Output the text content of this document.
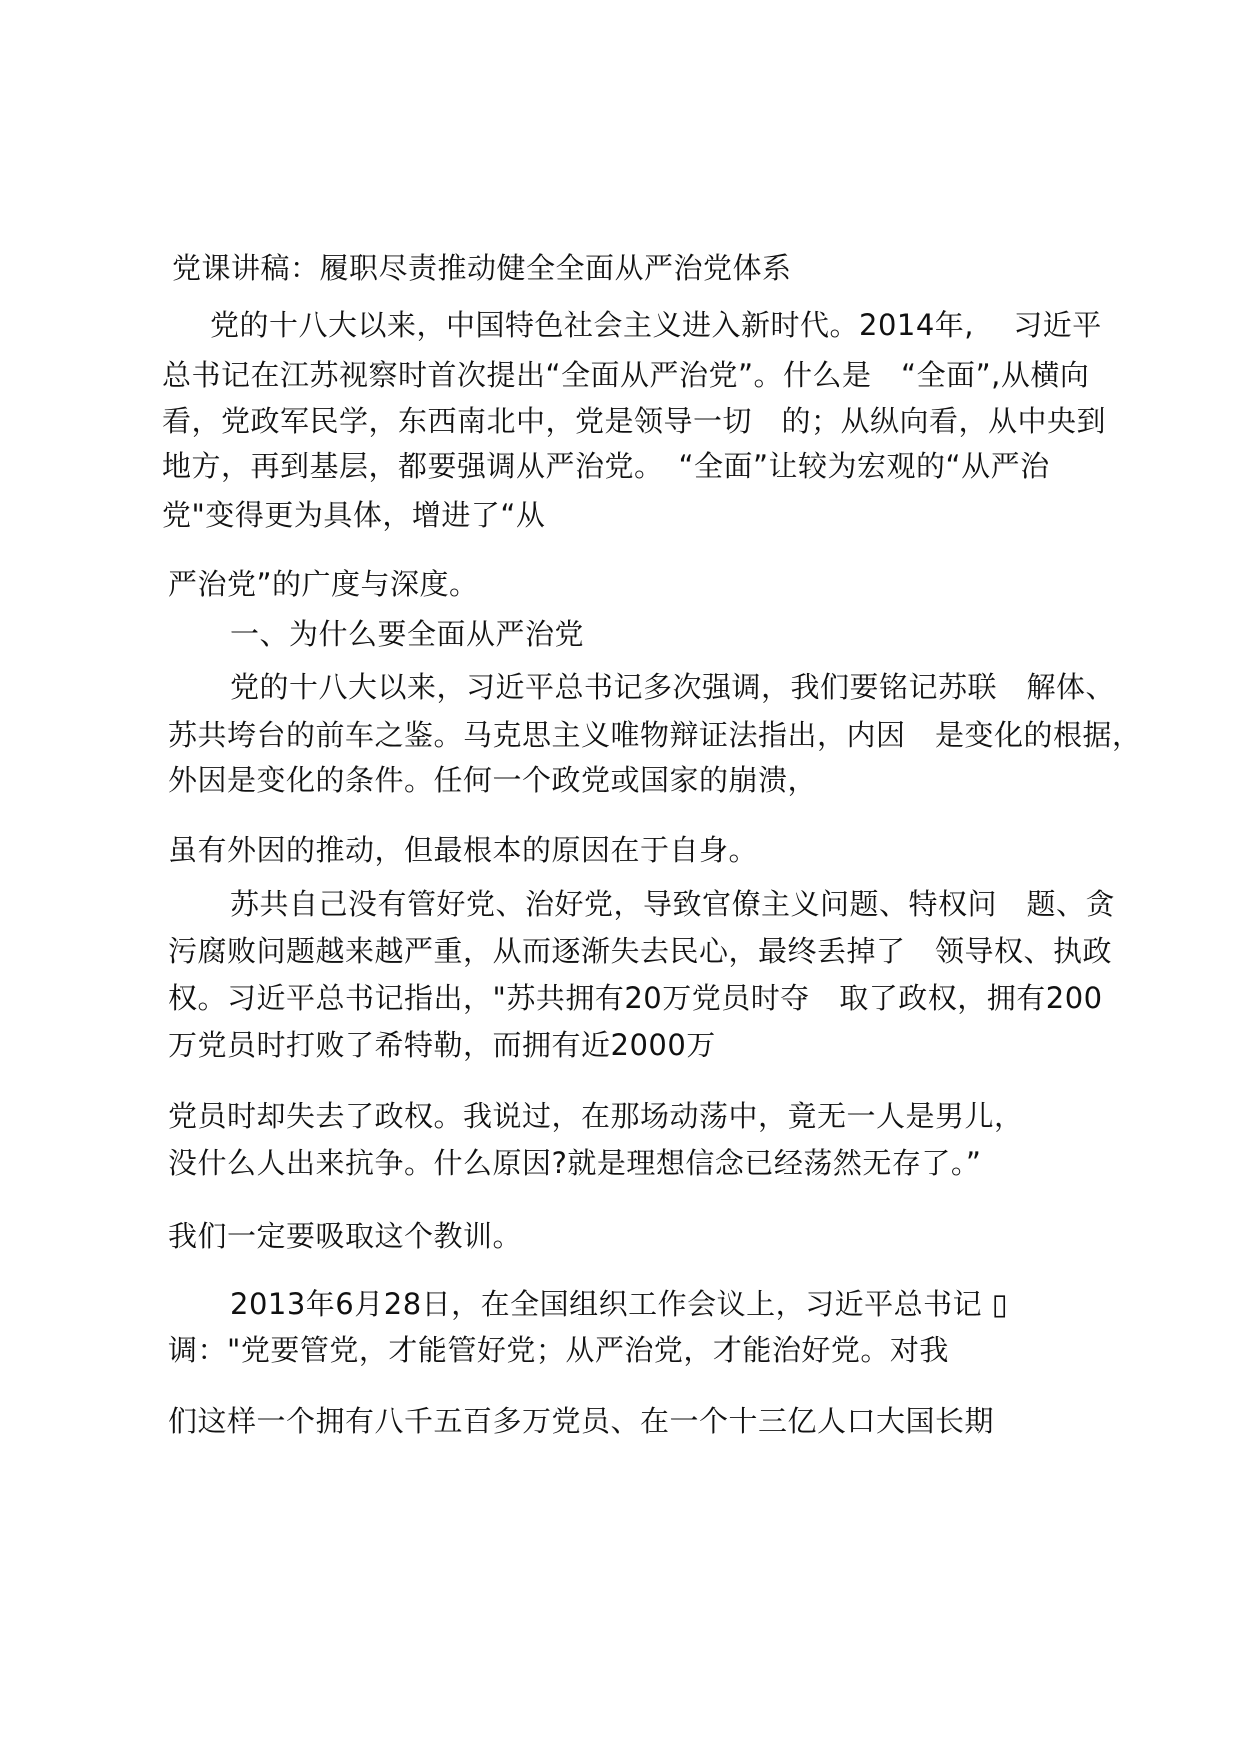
党课讲稿：履职尽责推动健全全面从严治党体系
党的十八大以来，中国特色社会主义进入新时代。2014年,　 习近平
总书记在江苏视察时首次提出“全面从严治党”。什么是　“全面”,从横向
看，党政军民学，东西南北中，党是领导一切　的；从纵向看，从中央到
地方，再到基层，都要强调从严治党。　“全面”让较为宏观的“从严治
党"变得更为具体，增进了“从
严治党”的广度与深度。
一、为什么要全面从严治党
党的十八大以来，习近平总书记多次强调，我们要铭记苏联　解体、
苏共垮台的前车之鉴。马克思主义唯物辩证法指出，内因　是变化的根据，
外因是变化的条件。任何一个政党或国家的崩溃，
虽有外因的推动，但最根本的原因在于自身。
苏共自己没有管好党、治好党，导致官僚主义问题、特权问　题、贪
污腐败问题越来越严重，从而逐渐失去民心，最终丢掉了　领导权、执政
权。习近平总书记指出，"苏共拥有20万党员时夺　取了政权，拥有200
万党员时打败了希特勒，而拥有近2000万
党员时却失去了政权。我说过，在那场动荡中，竟无一人是男儿，
没什么人出来抗争。什么原因?就是理想信念已经荡然无存了。”
我们一定要吸取这个教训。
2013年6月28日，在全国组织工作会议上，习近平总书记 ▯
调："党要管党，才能管好党；从严治党，才能治好党。对我
们这样一个拥有八千五百多万党员、在一个十三亿人口大国长期
